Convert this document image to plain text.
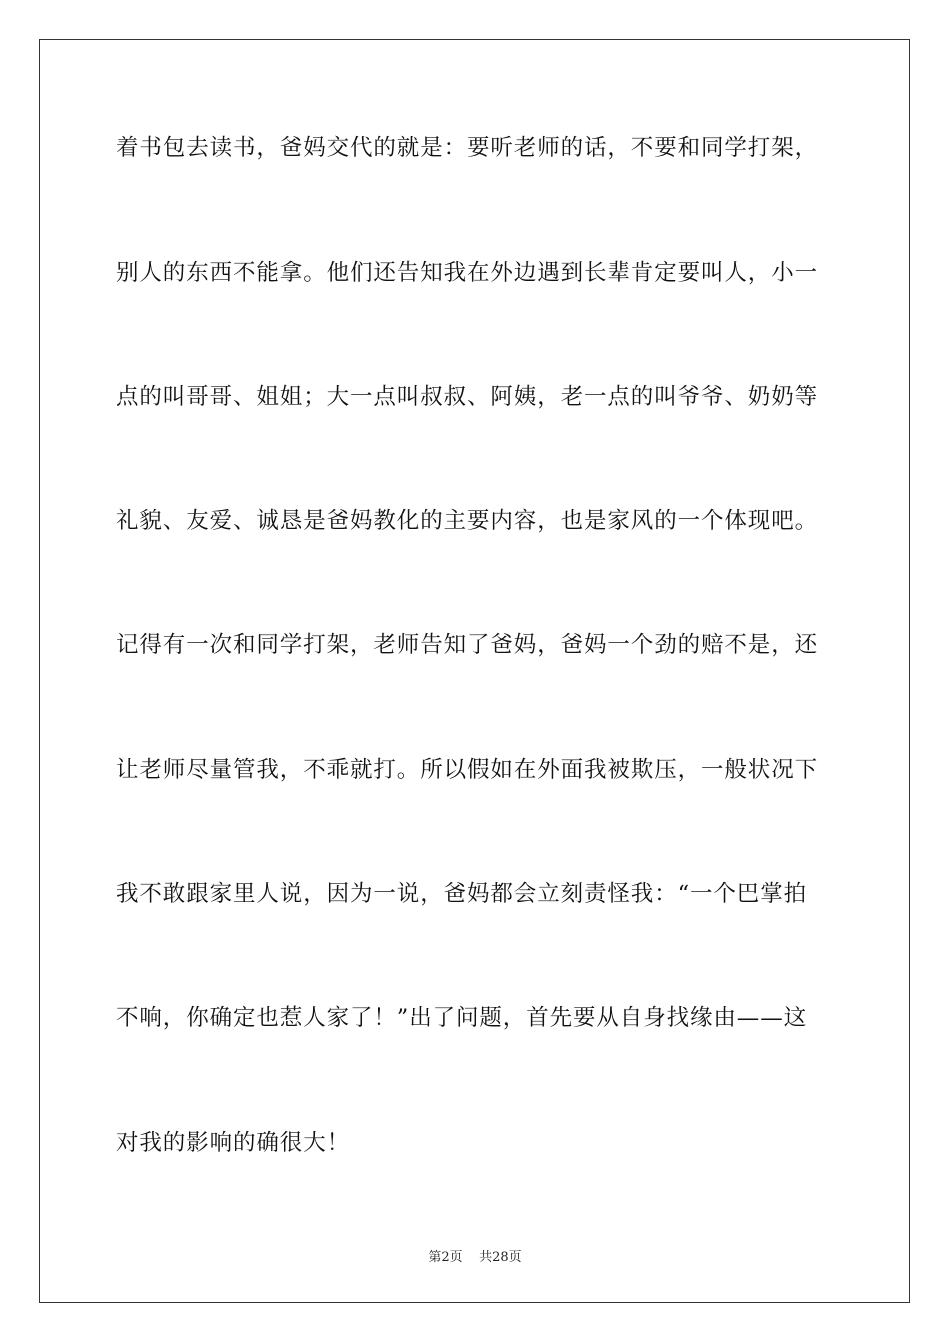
着书包去读书，爸妈交代的就是：要听老师的话，不要和同学打架，
别人的东西不能拿。他们还告知我在外边遇到长辈肯定要叫人，小一
点的叫哥哥、姐姐；大一点叫叔叔、阿姨，老一点的叫爷爷、奶奶等
礼貌、友爱、诚恳是爸妈教化的主要内容，也是家风的一个体现吧。
记得有一次和同学打架，老师告知了爸妈，爸妈一个劲的赔不是，还
让老师尽量管我，不乖就打。所以假如在外面我被欺压，一般状况下
我不敢跟家里人说，因为一说，爸妈都会立刻责怪我：“一个巴掌拍
不响，你确定也惹人家了！”出了问题，首先要从自身找缘由——这
对我的影响的确很大！
第2页 共28页
